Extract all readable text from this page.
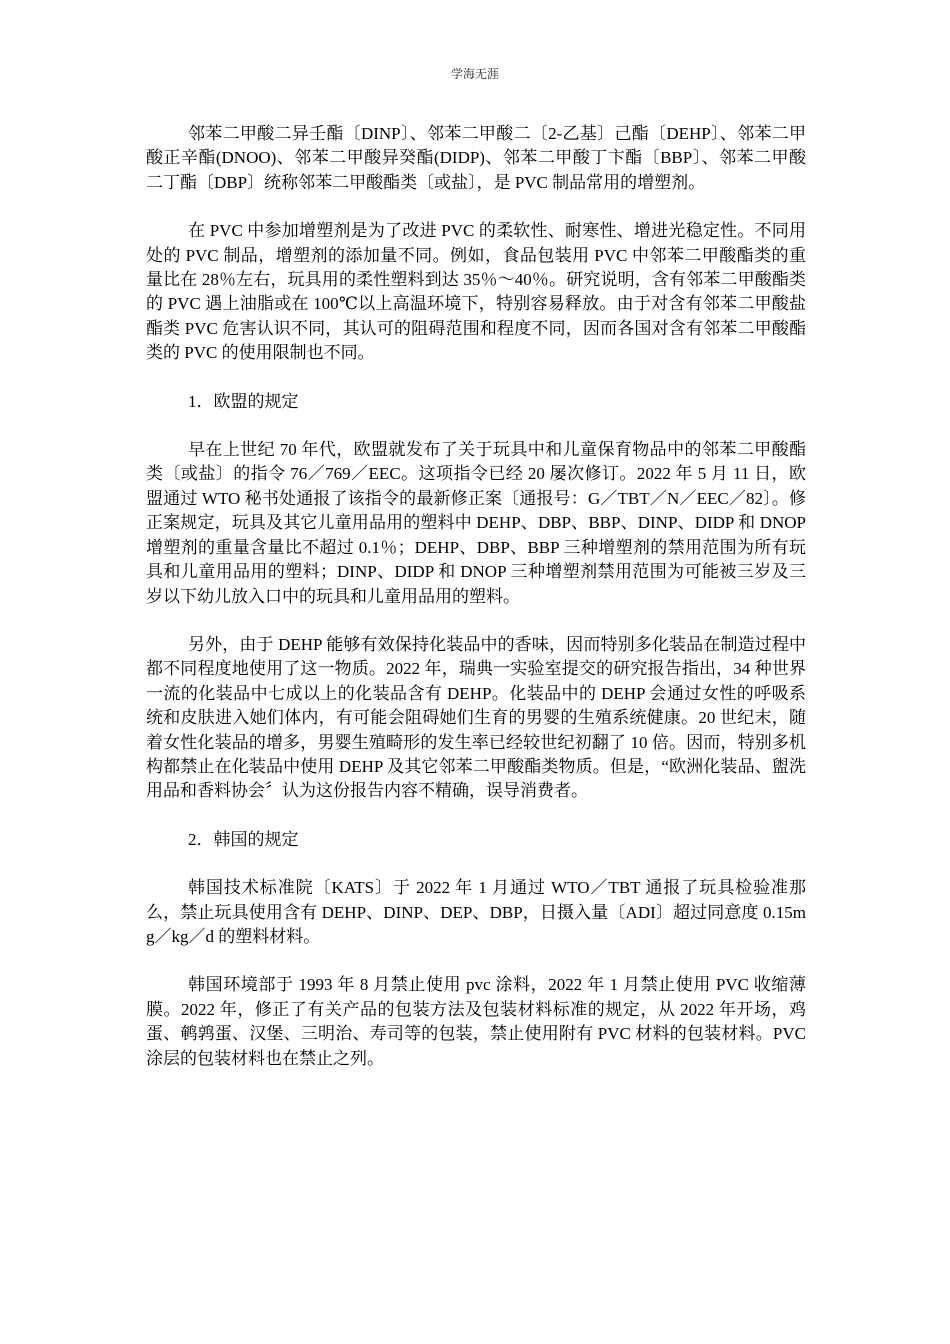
学海无涯

邻苯二甲酸二异壬酯〔DINP〕、邻苯二甲酸二〔2-乙基〕己酯〔DEHP〕、邻苯二甲酸正辛酯(DNOO)、邻苯二甲酸异癸酯(DIDP)、邻苯二甲酸丁卞酯〔BBP〕、邻苯二甲酸二丁酯〔DBP〕统称邻苯二甲酸酯类〔或盐〕，是 PVC 制品常用的增塑剂。

在 PVC 中参加增塑剂是为了改进 PVC 的柔软性、耐寒性、增进光稳定性。不同用处的 PVC 制品，增塑剂的添加量不同。例如，食品包装用 PVC 中邻苯二甲酸酯类的重量比在 28％左右，玩具用的柔性塑料到达 35％～40％。研究说明，含有邻苯二甲酸酯类的 PVC 遇上油脂或在 100℃以上高温环境下，特别容易释放。由于对含有邻苯二甲酸盐酯类 PVC 危害认识不同，其认可的阻碍范围和程度不同，因而各国对含有邻苯二甲酸酯类的 PVC 的使用限制也不同。

1．欧盟的规定

早在上世纪 70 年代，欧盟就发布了关于玩具中和儿童保育物品中的邻苯二甲酸酯类〔或盐〕的指令 76／769／EEC。这项指令已经 20 屡次修订。2022 年 5 月 11 日，欧盟通过 WTO 秘书处通报了该指令的最新修正案〔通报号：G／TBT／N／EEC／82〕。修正案规定，玩具及其它儿童用品用的塑料中 DEHP、DBP、BBP、DINP、DIDP 和 DNOP 增塑剂的重量含量比不超过 0.1％；DEHP、DBP、BBP 三种增塑剂的禁用范围为所有玩具和儿童用品用的塑料；DINP、DIDP 和 DNOP 三种增塑剂禁用范围为可能被三岁及三岁以下幼儿放入口中的玩具和儿童用品用的塑料。

另外，由于 DEHP 能够有效保持化装品中的香味，因而特别多化装品在制造过程中都不同程度地使用了这一物质。2022 年，瑞典一实验室提交的研究报告指出，34 种世界一流的化装品中七成以上的化装品含有 DEHP。化装品中的 DEHP 会通过女性的呼吸系统和皮肤进入她们体内，有可能会阻碍她们生育的男婴的生殖系统健康。20 世纪末，随着女性化装品的增多，男婴生殖畸形的发生率已经较世纪初翻了 10 倍。因而，特别多机构都禁止在化装品中使用 DEHP 及其它邻苯二甲酸酯类物质。但是，“欧洲化装品、盥洗用品和香料协会〞认为这份报告内容不精确，误导消费者。

2．韩国的规定

韩国技术标准院〔KATS〕于 2022 年 1 月通过 WTO／TBT 通报了玩具检验准那么，禁止玩具使用含有 DEHP、DINP、DEP、DBP，日摄入量〔ADI〕超过同意度 0.15mg／kg／d 的塑料材料。

韩国环境部于 1993 年 8 月禁止使用 pvc 涂料，2022 年 1 月禁止使用 PVC 收缩薄膜。2022 年，修正了有关产品的包装方法及包装材料标准的规定，从 2022 年开场，鸡蛋、鹌鹑蛋、汉堡、三明治、寿司等的包装，禁止使用附有 PVC 材料的包装材料。PVC 涂层的包装材料也在禁止之列。
